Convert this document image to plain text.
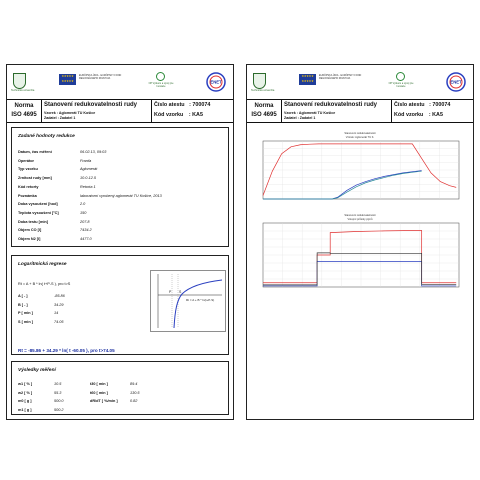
Technická univerzita
★★★★★
★★★★★
EURÓPSKA ÚNIA · EURÓPSKY FOND REGIONÁLNEHO ROZVOJA
OP Výskum a vývoj pre Inovácie
ENET
Norma
ISO 4695
Stanovení redukovatelnosti rudy
Vzorek : Aglomerát TU Košice
Zadatel : Zadatel 1
Číslo atestu : 700074
Kód vzorku : KA5
Zadané hodnoty redukce
Datum, čas měření	06.02.13, 09:03
Operátor	Franťa
Typ vzorku	Aglomerát
Zrnitost rudy [mm]	10.0-12.5
Kód retorty	Retorta 1
Poznámka	laboratorní vyrobený aglomerát TU Košice, 2013
Doba vysoušení [hod]	2.0
Teplota vysoušení [°C]	150
Doba testu [min]	207.8
Objem CO [l]	7434.2
Objem N2 [l]	4477.0
Logaritmická regrese
Rt = A + B * ln( t+P-S ), pro t>S
A [ - ]	-85.86
B [ - ]	34.29
P [ min ]	14
S [ min ]	74.05
P S
Rt = A + B * ln(t+P-S)
Rt = -85.86 + 34.29 * ln( t -60.05 ), pro t>74.05
Výsledky měření
w1 [ % ]	10.5
w2 [ % ]	55.3
m0 [ g ]	500.0
m1 [ g ]	500.2
t30 [ min ]	89.4
t60 [ min ]	130.5
dR/dT [ %/min ]	0.82
Technická univerzita
★★★★★
★★★★★
EURÓPSKA ÚNIA · EURÓPSKY FOND REGIONÁLNEHO ROZVOJA
OP Výskum a vývoj pre Inovácie
ENET
Norma
ISO 4695
Stanovení redukovatelnosti rudy
Vzorek : Aglomerát TU Košice
Zadatel : Zadatel 1
Číslo atestu : 700074
Kód vzorku : KA5
Stanovení redukovatelnosti
Vzorek: Aglomerát TU K.
Stanovení redukovatelnosti
Vstupní průtoky plynů
